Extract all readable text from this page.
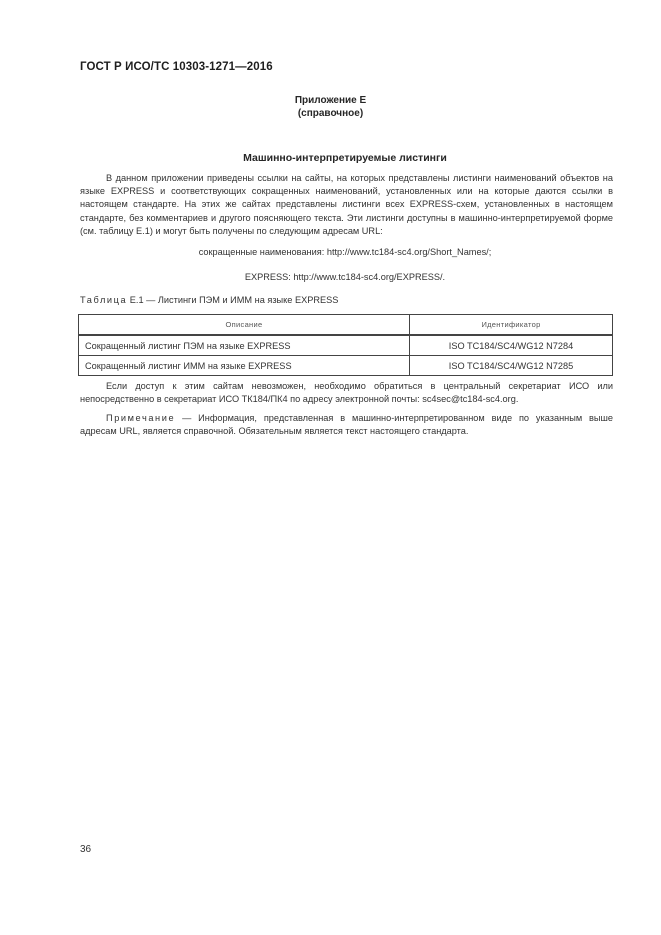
ГОСТ Р ИСО/ТС 10303-1271—2016
Приложение Е
(справочное)
Машинно-интерпретируемые листинги
В данном приложении приведены ссылки на сайты, на которых представлены листинги наименований объектов на языке EXPRESS и соответствующих сокращенных наименований, установленных или на которые даются ссылки в настоящем стандарте. На этих же сайтах представлены листинги всех EXPRESS-схем, установленных в настоящем стандарте, без комментариев и другого поясняющего текста. Эти листинги доступны в машинно-интерпретируемой форме (см. таблицу Е.1) и могут быть получены по следующим адресам URL:
сокращенные наименования: http://www.tc184-sc4.org/Short_Names/;
EXPRESS: http://www.tc184-sc4.org/EXPRESS/.
Таблица Е.1 — Листинги ПЭМ и ИММ на языке EXPRESS
Описание	Идентификатор
Сокращенный листинг ПЭМ на языке EXPRESS	ISO TC184/SC4/WG12 N7284
Сокращенный листинг ИММ на языке EXPRESS	ISO TC184/SC4/WG12 N7285
Если доступ к этим сайтам невозможен, необходимо обратиться в центральный секретариат ИСО или непосредственно в секретариат ИСО ТК184/ПК4 по адресу электронной почты: sc4sec@tc184-sc4.org.
Примечание — Информация, представленная в машинно-интерпретированном виде по указанным выше адресам URL, является справочной. Обязательным является текст настоящего стандарта.
36
